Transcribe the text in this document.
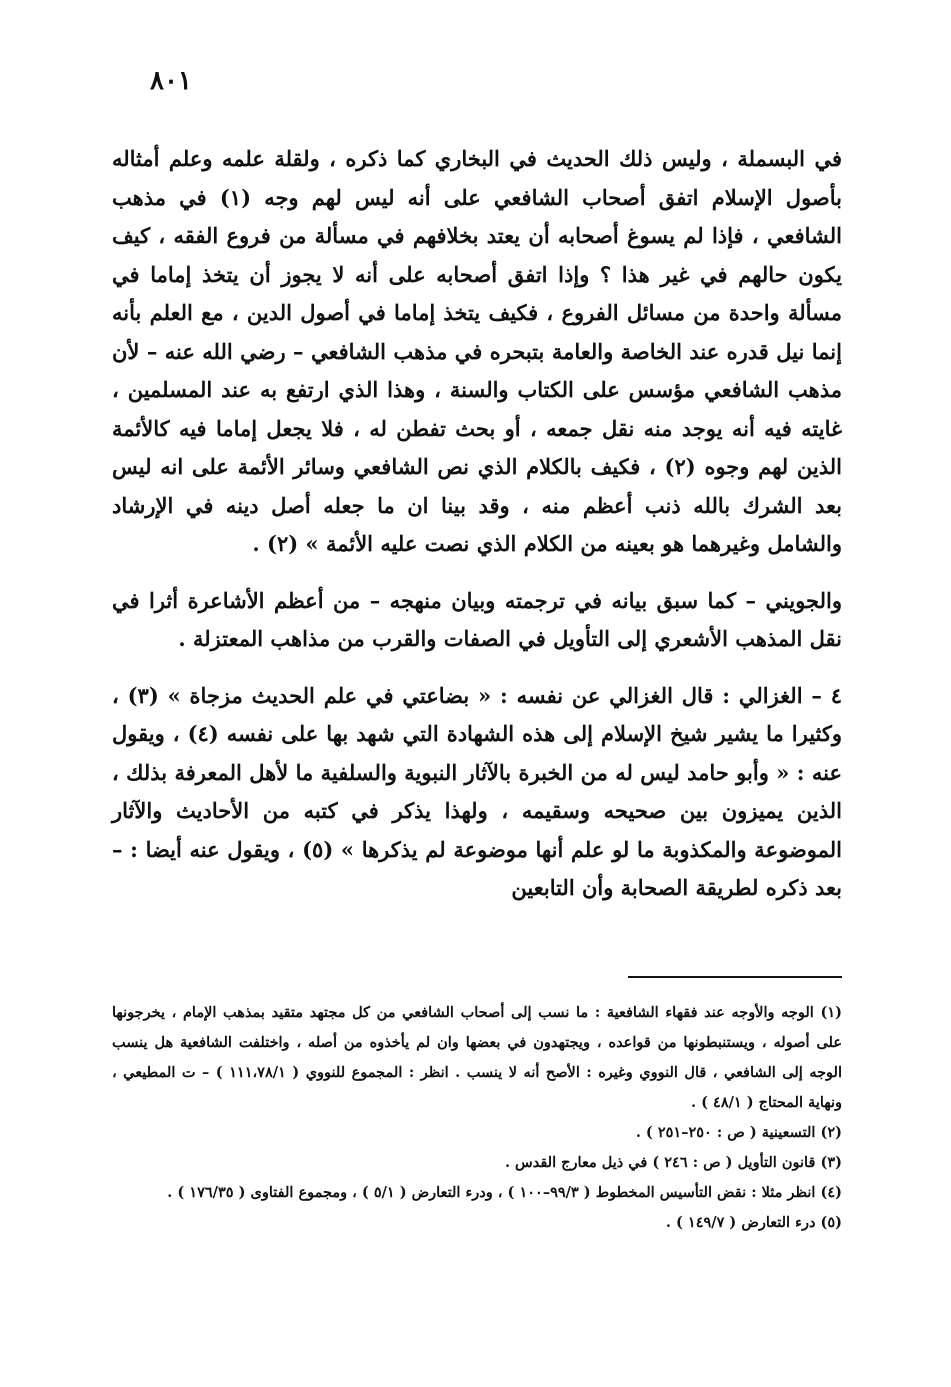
٨٠١

في البسملة ، وليس ذلك الحديث في البخاري كما ذكره ، ولقلة علمه وعلم أمثاله بأصول الإسلام اتفق أصحاب الشافعي على أنه ليس لهم وجه (١) في مذهب الشافعي ، فإذا لم يسوغ أصحابه أن يعتد بخلافهم في مسألة من فروع الفقه ، كيف يكون حالهم في غير هذا ؟ وإذا اتفق أصحابه على أنه لا يجوز أن يتخذ إماما في مسألة واحدة من مسائل الفروع ، فكيف يتخذ إماما في أصول الدين ، مع العلم بأنه إنما نيل قدره عند الخاصة والعامة بتبحره في مذهب الشافعي – رضي الله عنه – لأن مذهب الشافعي مؤسس على الكتاب والسنة ، وهذا الذي ارتفع به عند المسلمين ، غايته فيه أنه يوجد منه نقل جمعه ، أو بحث تفطن له ، فلا يجعل إماما فيه كالأئمة الذين لهم وجوه (٢) ، فكيف بالكلام الذي نص الشافعي وسائر الأئمة على انه ليس بعد الشرك بالله ذنب أعظم منه ، وقد بينا ان ما جعله أصل دينه في الإرشاد والشامل وغيرهما هو بعينه من الكلام الذي نصت عليه الأئمة » (٢) .

والجويني – كما سبق بيانه في ترجمته وبيان منهجه – من أعظم الأشاعرة أثرا في نقل المذهب الأشعري إلى التأويل في الصفات والقرب من مذاهب المعتزلة .

٤ – الغزالي : قال الغزالي عن نفسه : « بضاعتي في علم الحديث مزجاة » (٣) ، وكثيرا ما يشير شيخ الإسلام إلى هذه الشهادة التي شهد بها على نفسه (٤) ، ويقول عنه : « وأبو حامد ليس له من الخبرة بالآثار النبوية والسلفية ما لأهل المعرفة بذلك ، الذين يميزون بين صحيحه وسقيمه ، ولهذا يذكر في كتبه من الأحاديث والآثار الموضوعة والمكذوبة ما لو علم أنها موضوعة لم يذكرها » (٥) ، ويقول عنه أيضا : – بعد ذكره لطريقة الصحابة وأن التابعين

(١) الوجه والأوجه عند فقهاء الشافعية : ما نسب إلى أصحاب الشافعي من كل مجتهد متقيد بمذهب الإمام ، يخرجونها على أصوله ، ويستنبطونها من قواعده ، ويجتهدون في بعضها وان لم يأخذوه من أصله ، واختلفت الشافعية هل ينسب الوجه إلى الشافعي ، قال النووي وغيره : الأصح أنه لا ينسب . انظر : المجموع للنووي ( ١١١،٧٨/١ ) – ت المطيعي ، ونهاية المحتاج ( ٤٨/١ ) .

(٢) التسعينية ( ص : ٢٥٠–٢٥١ ) .

(٣) قانون التأويل ( ص : ٢٤٦ ) في ذيل معارج القدس .

(٤) انظر مثلا : نقض التأسيس المخطوط ( ٩٩/٣–١٠٠ ) ، ودرء التعارض ( ٥/١ ) ، ومجموع الفتاوى ( ١٧٦/٣٥ ) .

(٥) درء التعارض ( ١٤٩/٧ ) .
